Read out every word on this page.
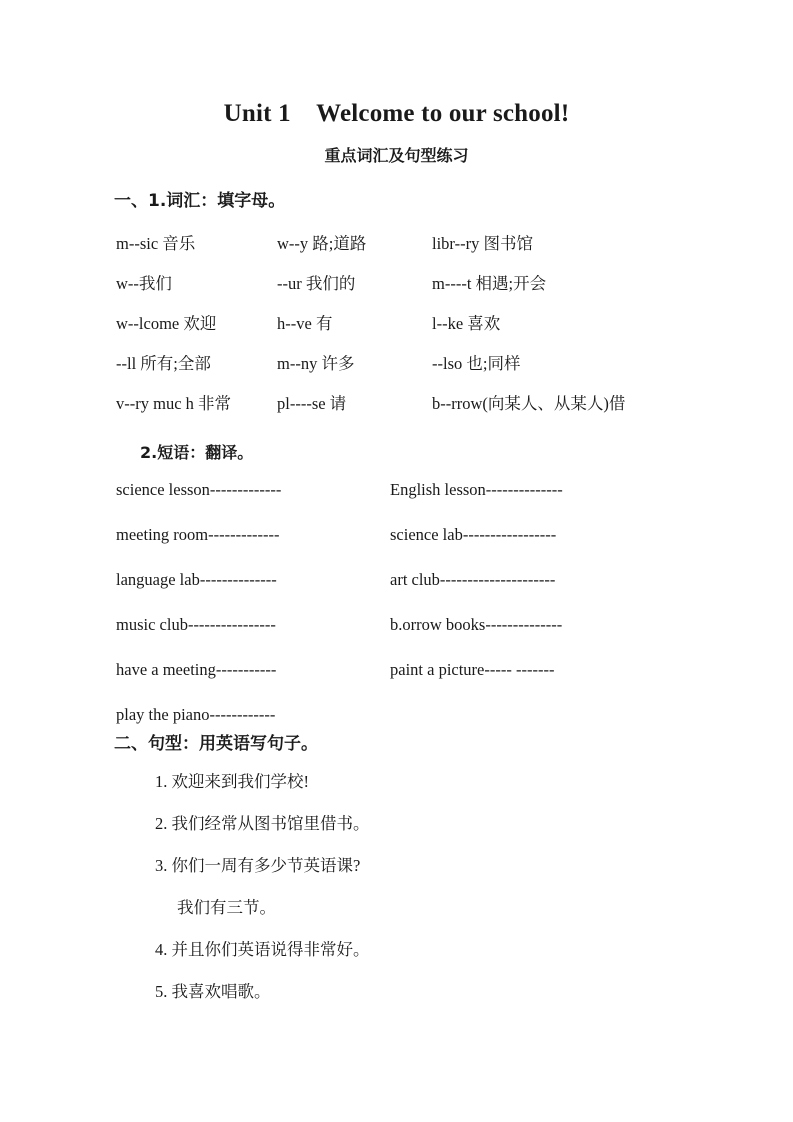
Unit 1    Welcome to our school!
重点词汇及句型练习
一、1.词汇：填字母。
m--sic 音乐	w--y 路;道路	libr--ry 图书馆
w--我们	--ur 我们的	m----t 相遇;开会
w--lcome 欢迎	h--ve 有	l--ke 喜欢
--ll 所有;全部	m--ny 许多	--lso 也;同样
v--ry muc h 非常	pl----se 请	b--rrow(向某人、从某人)借
2.短语：翻译。
science lesson-------------	English lesson--------------
meeting room-------------	science lab-----------------
language lab--------------	art club---------------------
music club----------------	b.orrow books--------------
have a meeting-----------	paint a picture----- -------
play the piano------------
二、句型：用英语写句子。
1. 欢迎来到我们学校!
2. 我们经常从图书馆里借书。
3. 你们一周有多少节英语课?
我们有三节。
4. 并且你们英语说得非常好。
5. 我喜欢唱歌。
